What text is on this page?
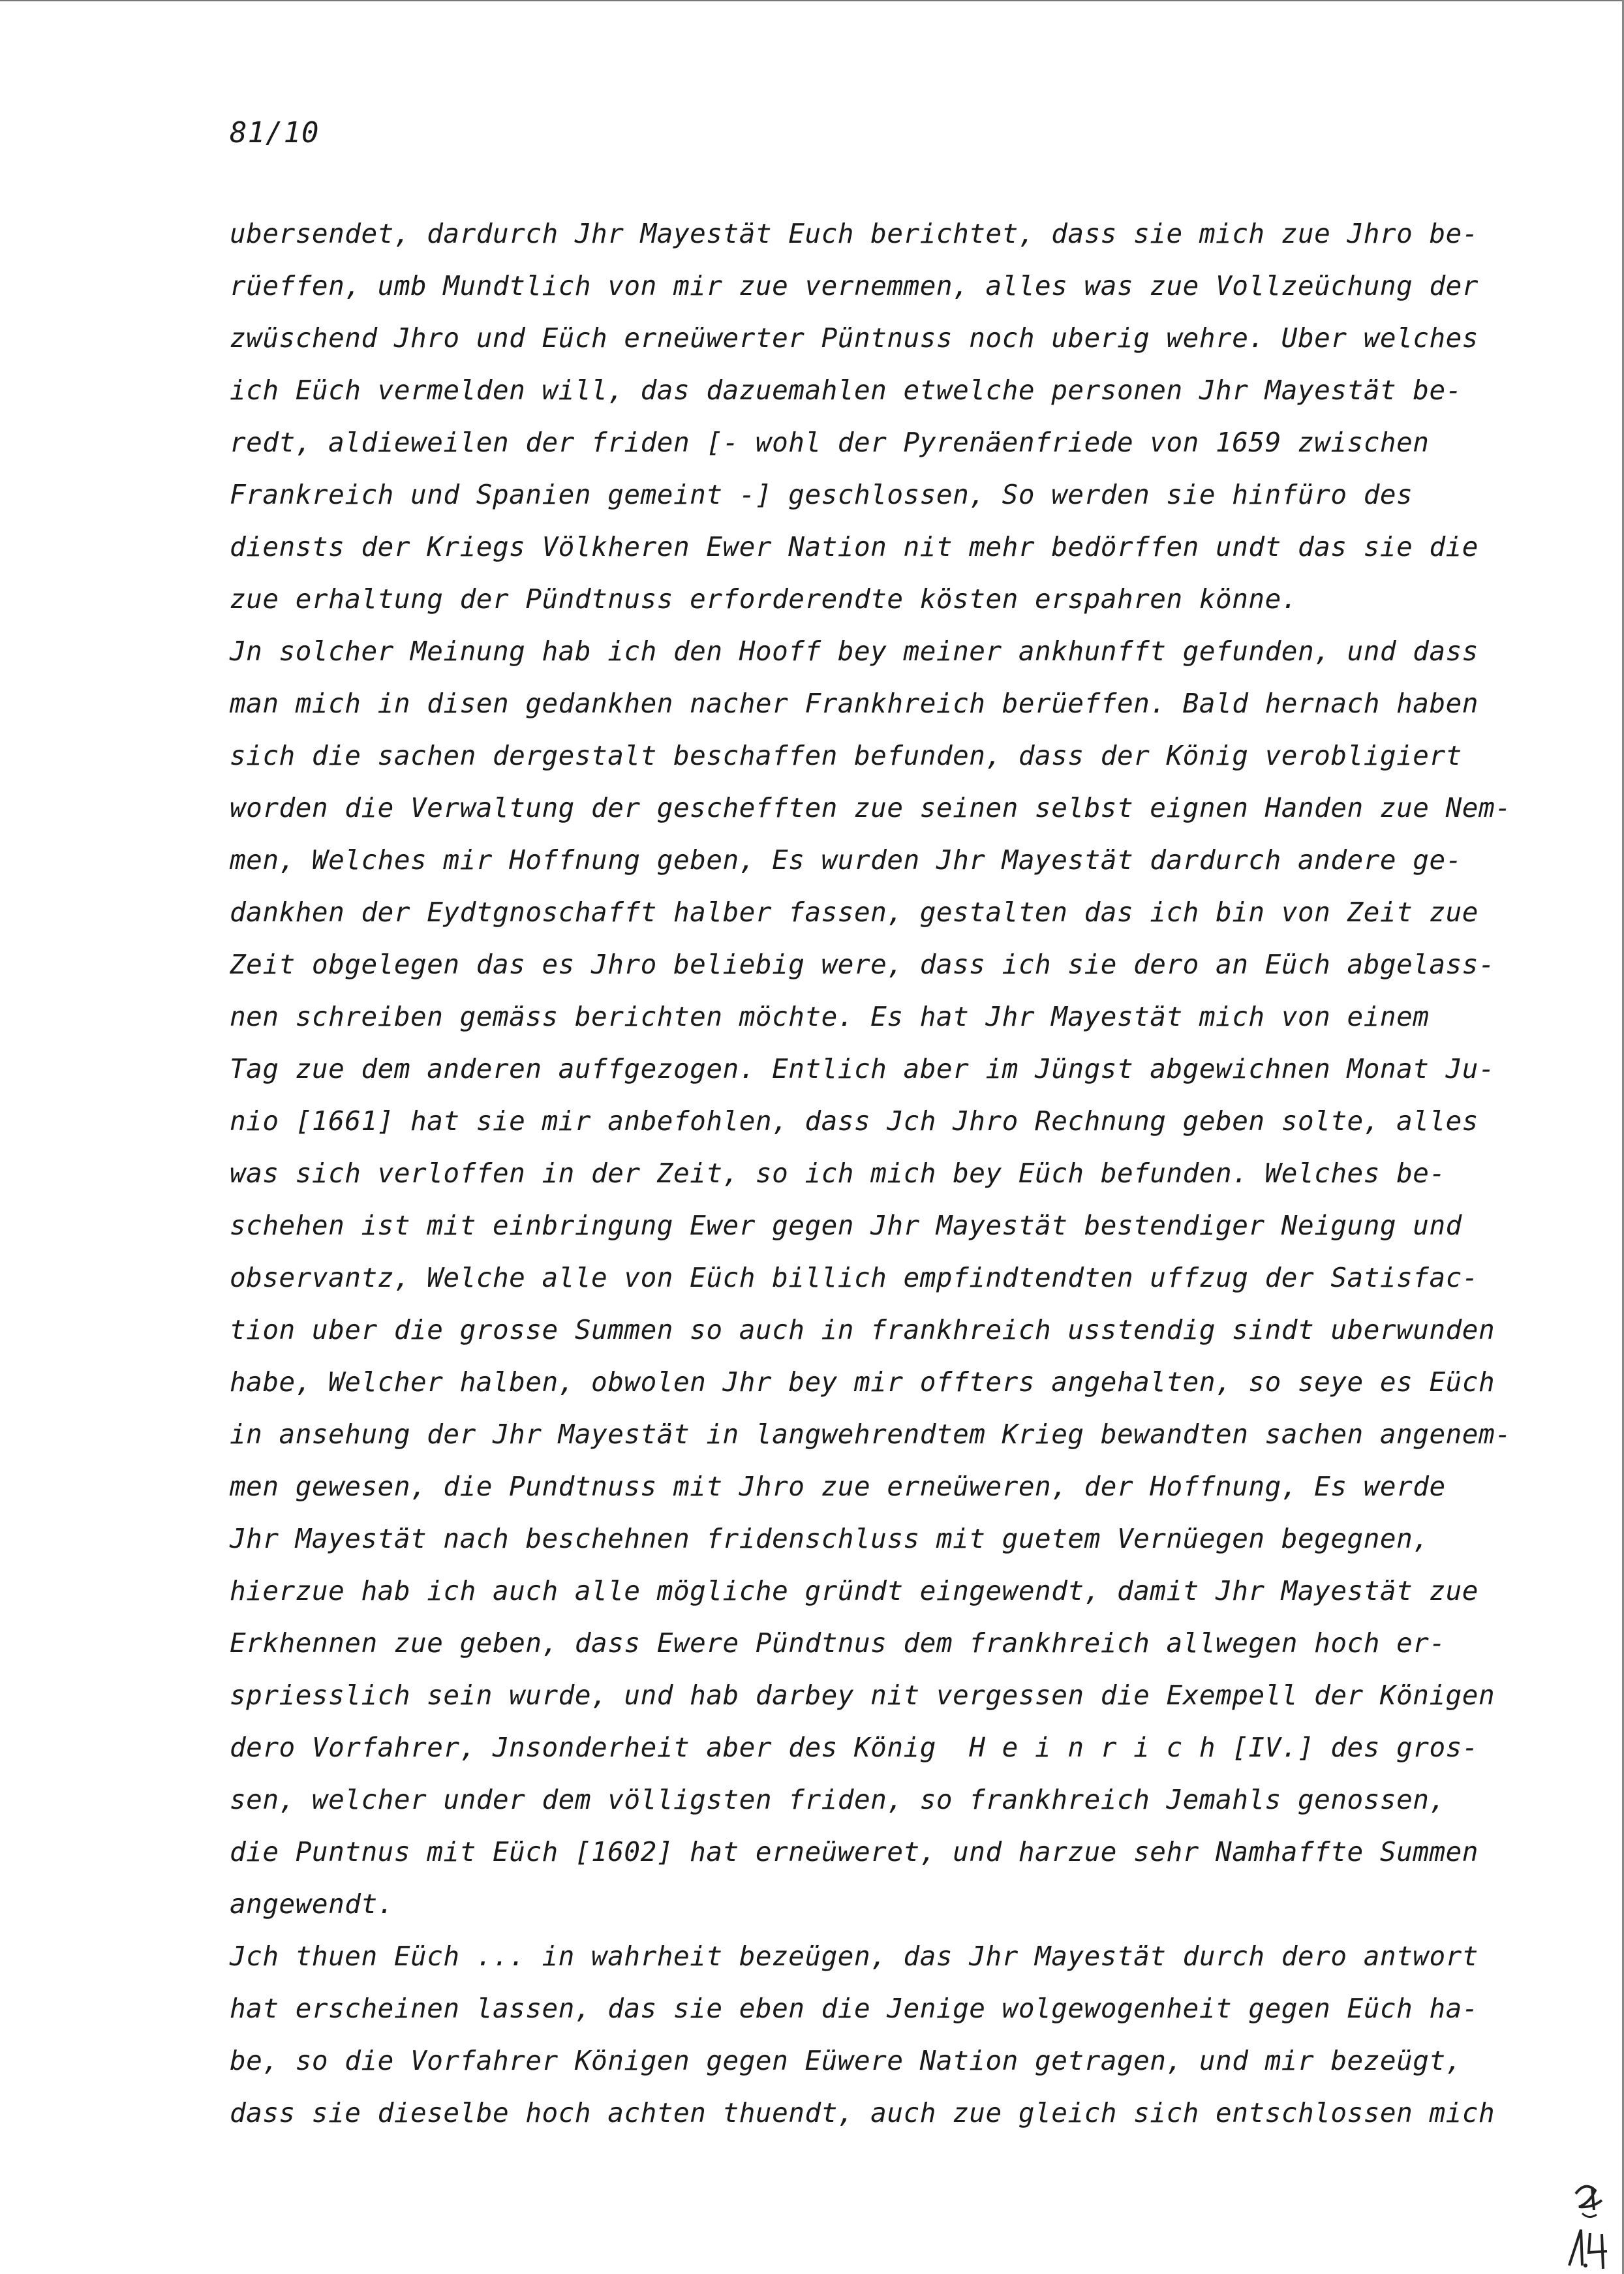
81/10
ubersendet, dardurch Jhr Mayestät Euch berichtet, dass sie mich zue Jhro be-
rüeffen, umb Mundtlich von mir zue vernemmen, alles was zue Vollzeüchung der
zwüschend Jhro und Eüch erneüwerter Püntnuss noch uberig wehre. Uber welches
ich Eüch vermelden will, das dazuemahlen etwelche personen Jhr Mayestät be-
redt, aldieweilen der friden [- wohl der Pyrenäenfriede von 1659 zwischen
Frankreich und Spanien gemeint -] geschlossen, So werden sie hinfüro des
diensts der Kriegs Völkheren Ewer Nation nit mehr bedörffen undt das sie die
zue erhaltung der Pündtnuss erforderendte kösten erspahren könne.
Jn solcher Meinung hab ich den Hooff bey meiner ankhunfft gefunden, und dass
man mich in disen gedankhen nacher Frankhreich berüeffen. Bald hernach haben
sich die sachen dergestalt beschaffen befunden, dass der König verobligiert
worden die Verwaltung der geschefften zue seinen selbst eignen Handen zue Nem-
men, Welches mir Hoffnung geben, Es wurden Jhr Mayestät dardurch andere ge-
dankhen der Eydtgnoschafft halber fassen, gestalten das ich bin von Zeit zue
Zeit obgelegen das es Jhro beliebig were, dass ich sie dero an Eüch abgelass-
nen schreiben gemäss berichten möchte. Es hat Jhr Mayestät mich von einem
Tag zue dem anderen auffgezogen. Entlich aber im Jüngst abgewichnen Monat Ju-
nio [1661] hat sie mir anbefohlen, dass Jch Jhro Rechnung geben solte, alles
was sich verloffen in der Zeit, so ich mich bey Eüch befunden. Welches be-
schehen ist mit einbringung Ewer gegen Jhr Mayestät bestendiger Neigung und
observantz, Welche alle von Eüch billich empfindtendten uffzug der Satisfac-
tion uber die grosse Summen so auch in frankhreich usstendig sindt uberwunden
habe, Welcher halben, obwolen Jhr bey mir offters angehalten, so seye es Eüch
in ansehung der Jhr Mayestät in langwehrendtem Krieg bewandten sachen angenem-
men gewesen, die Pundtnuss mit Jhro zue erneüweren, der Hoffnung, Es werde
Jhr Mayestät nach beschehnen fridenschluss mit guetem Vernüegen begegnen,
hierzue hab ich auch alle mögliche gründt eingewendt, damit Jhr Mayestät zue
Erkhennen zue geben, dass Ewere Pündtnus dem frankhreich allwegen hoch er-
spriesslich sein wurde, und hab darbey nit vergessen die Exempell der Königen
dero Vorfahrer, Jnsonderheit aber des König  H e i n r i c h [IV.] des gros-
sen, welcher under dem völligsten friden, so frankhreich Jemahls genossen,
die Puntnus mit Eüch [1602] hat erneüweret, und harzue sehr Namhaffte Summen
angewendt.
Jch thuen Eüch ... in wahrheit bezeügen, das Jhr Mayestät durch dero antwort
hat erscheinen lassen, das sie eben die Jenige wolgewogenheit gegen Eüch ha-
be, so die Vorfahrer Königen gegen Eüwere Nation getragen, und mir bezeügt,
dass sie dieselbe hoch achten thuendt, auch zue gleich sich entschlossen mich
